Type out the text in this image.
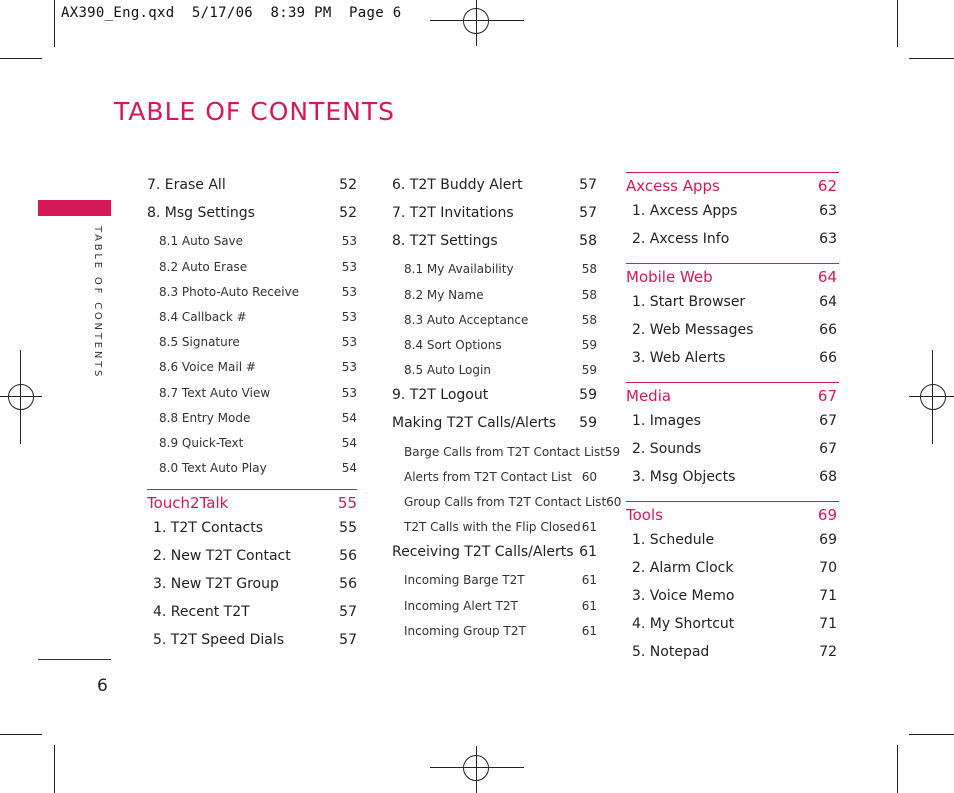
AX390_Eng.qxd  5/17/06  8:39 PM  Page 6
TABLE OF CONTENTS
TABLE OF CONTENTS
7. Erase All	52
8. Msg Settings	52
8.1 Auto Save	53
8.2 Auto Erase	53
8.3 Photo-Auto Receive	53
8.4 Callback #	53
8.5 Signature	53
8.6 Voice Mail #	53
8.7 Text Auto View	53
8.8 Entry Mode	54
8.9 Quick-Text	54
8.0 Text Auto Play	54
Touch2Talk	55
1. T2T Contacts	55
2. New T2T Contact	56
3. New T2T Group	56
4. Recent T2T	57
5. T2T Speed Dials	57
6. T2T Buddy Alert	57
7. T2T Invitations	57
8. T2T Settings	58
8.1 My Availability	58
8.2 My Name	58
8.3 Auto Acceptance	58
8.4 Sort Options	59
8.5 Auto Login	59
9. T2T Logout	59
Making T2T Calls/Alerts 59
Barge Calls from T2T Contact List 59
Alerts from T2T Contact List 60
Group Calls from T2T Contact List 60
T2T Calls with the Flip Closed 61
Receiving T2T Calls/Alerts 61
Incoming Barge T2T	61
Incoming Alert T2T	61
Incoming Group T2T	61
Axcess Apps	62
1. Axcess Apps	63
2. Axcess Info	63
Mobile Web	64
1. Start Browser	64
2. Web Messages	66
3. Web Alerts	66
Media	67
1. Images	67
2. Sounds	67
3. Msg Objects	68
Tools	69
1. Schedule	69
2. Alarm Clock	70
3. Voice Memo	71
4. My Shortcut	71
5. Notepad	72
6
